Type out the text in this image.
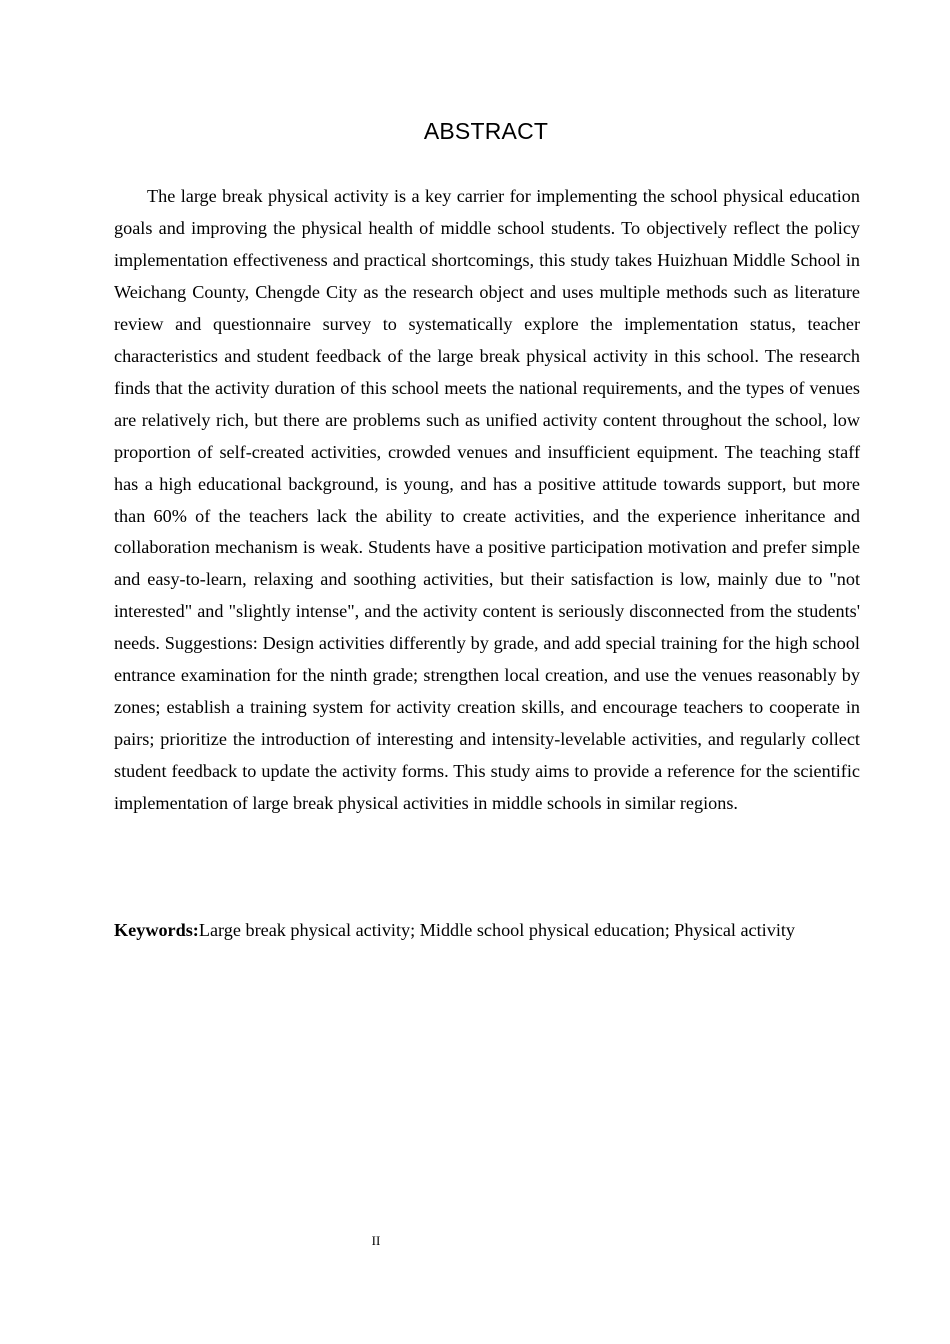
ABSTRACT

The large break physical activity is a key carrier for implementing the school physical education goals and improving the physical health of middle school students. To objectively reflect the policy implementation effectiveness and practical shortcomings, this study takes Huizhuan Middle School in Weichang County, Chengde City as the research object and uses multiple methods such as literature review and questionnaire survey to systematically explore the implementation status, teacher characteristics and student feedback of the large break physical activity in this school. The research finds that the activity duration of this school meets the national requirements, and the types of venues are relatively rich, but there are problems such as unified activity content throughout the school, low proportion of self-created activities, crowded venues and insufficient equipment. The teaching staff has a high educational background, is young, and has a positive attitude towards support, but more than 60% of the teachers lack the ability to create activities, and the experience inheritance and collaboration mechanism is weak. Students have a positive participation motivation and prefer simple and easy-to-learn, relaxing and soothing activities, but their satisfaction is low, mainly due to "not interested" and "slightly intense", and the activity content is seriously disconnected from the students' needs. Suggestions: Design activities differently by grade, and add special training for the high school entrance examination for the ninth grade; strengthen local creation, and use the venues reasonably by zones; establish a training system for activity creation skills, and encourage teachers to cooperate in pairs; prioritize the introduction of interesting and intensity-levelable activities, and regularly collect student feedback to update the activity forms. This study aims to provide a reference for the scientific implementation of large break physical activities in middle schools in similar regions.

Keywords:Large break physical activity; Middle school physical education; Physical activity

II
